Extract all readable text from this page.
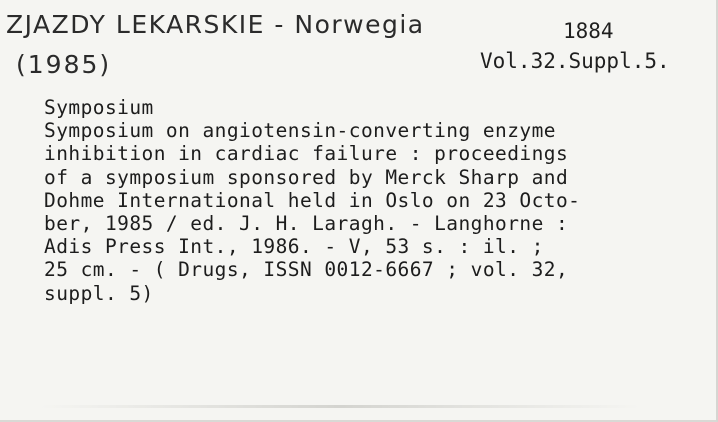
ZJAZDY LEKARSKIE - Norwegia
(1985)
1884
Vol.32.Suppl.5.
Symposium
Symposium on angiotensin-converting enzyme
inhibition in cardiac failure : proceedings
of a symposium sponsored by Merck Sharp and
Dohme International held in Oslo on 23 Octo-
ber, 1985 / ed. J. H. Laragh. - Langhorne :
Adis Press Int., 1986. - V, 53 s. : il. ;
25 cm. - ( Drugs, ISSN 0012-6667 ; vol. 32,
suppl. 5)
